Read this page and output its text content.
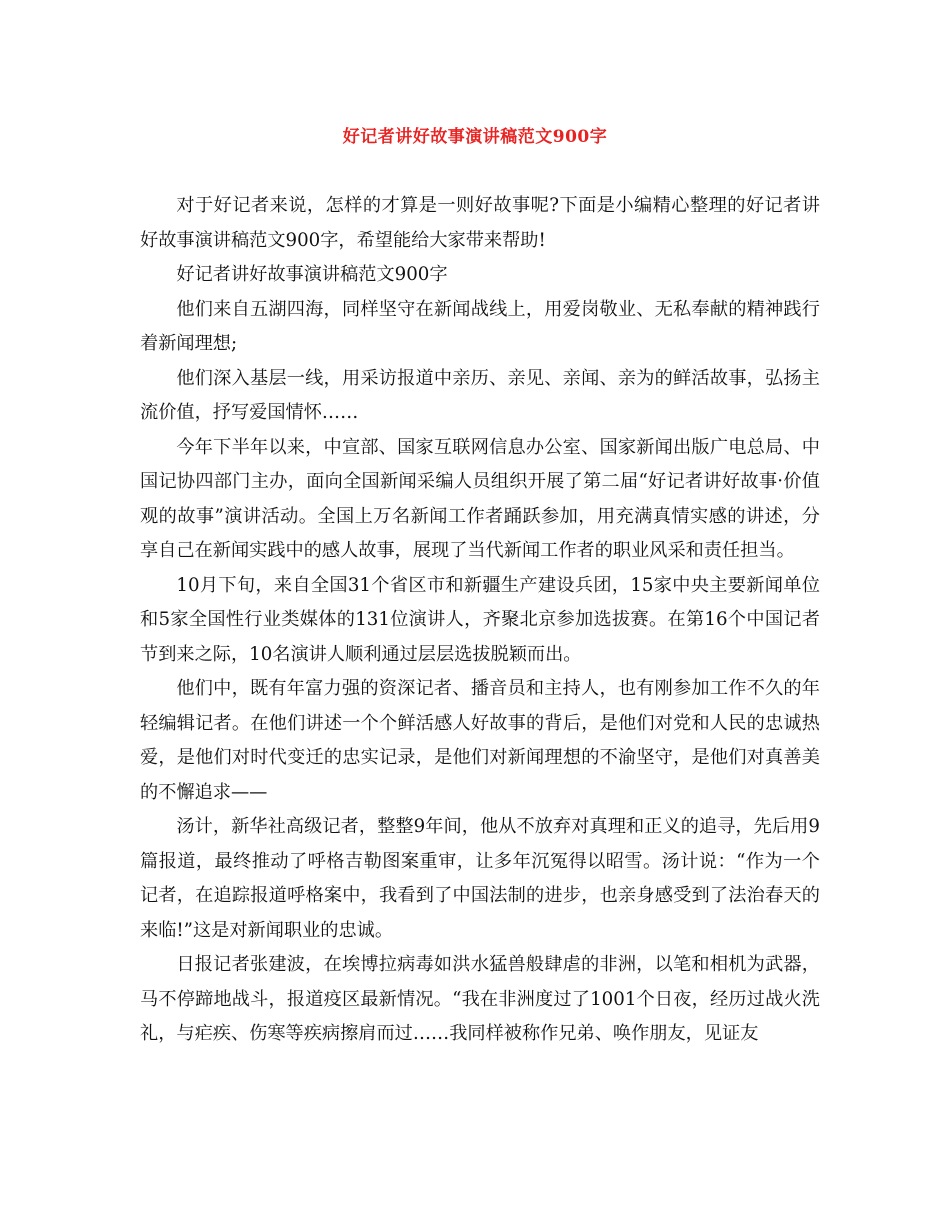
好记者讲好故事演讲稿范文900字

对于好记者来说，怎样的才算是一则好故事呢?下面是小编精心整理的好记者讲好故事演讲稿范文900字，希望能给大家带来帮助!

好记者讲好故事演讲稿范文900字

他们来自五湖四海，同样坚守在新闻战线上，用爱岗敬业、无私奉献的精神践行着新闻理想;

他们深入基层一线，用采访报道中亲历、亲见、亲闻、亲为的鲜活故事，弘扬主流价值，抒写爱国情怀……

今年下半年以来，中宣部、国家互联网信息办公室、国家新闻出版广电总局、中国记协四部门主办，面向全国新闻采编人员组织开展了第二届“好记者讲好故事·价值观的故事”演讲活动。全国上万名新闻工作者踊跃参加，用充满真情实感的讲述，分享自己在新闻实践中的感人故事，展现了当代新闻工作者的职业风采和责任担当。

10月下旬，来自全国31个省区市和新疆生产建设兵团，15家中央主要新闻单位和5家全国性行业类媒体的131位演讲人，齐聚北京参加选拔赛。在第16个中国记者节到来之际，10名演讲人顺利通过层层选拔脱颖而出。

他们中，既有年富力强的资深记者、播音员和主持人，也有刚参加工作不久的年轻编辑记者。在他们讲述一个个鲜活感人好故事的背后，是他们对党和人民的忠诚热爱，是他们对时代变迁的忠实记录，是他们对新闻理想的不渝坚守，是他们对真善美的不懈追求——

汤计，新华社高级记者，整整9年间，他从不放弃对真理和正义的追寻，先后用9篇报道，最终推动了呼格吉勒图案重审，让多年沉冤得以昭雪。汤计说：“作为一个记者，在追踪报道呼格案中，我看到了中国法制的进步，也亲身感受到了法治春天的来临!”这是对新闻职业的忠诚。

日报记者张建波，在埃博拉病毒如洪水猛兽般肆虐的非洲，以笔和相机为武器，马不停蹄地战斗，报道疫区最新情况。“我在非洲度过了1001个日夜，经历过战火洗礼，与疟疾、伤寒等疾病擦肩而过……我同样被称作兄弟、唤作朋友，见证友
